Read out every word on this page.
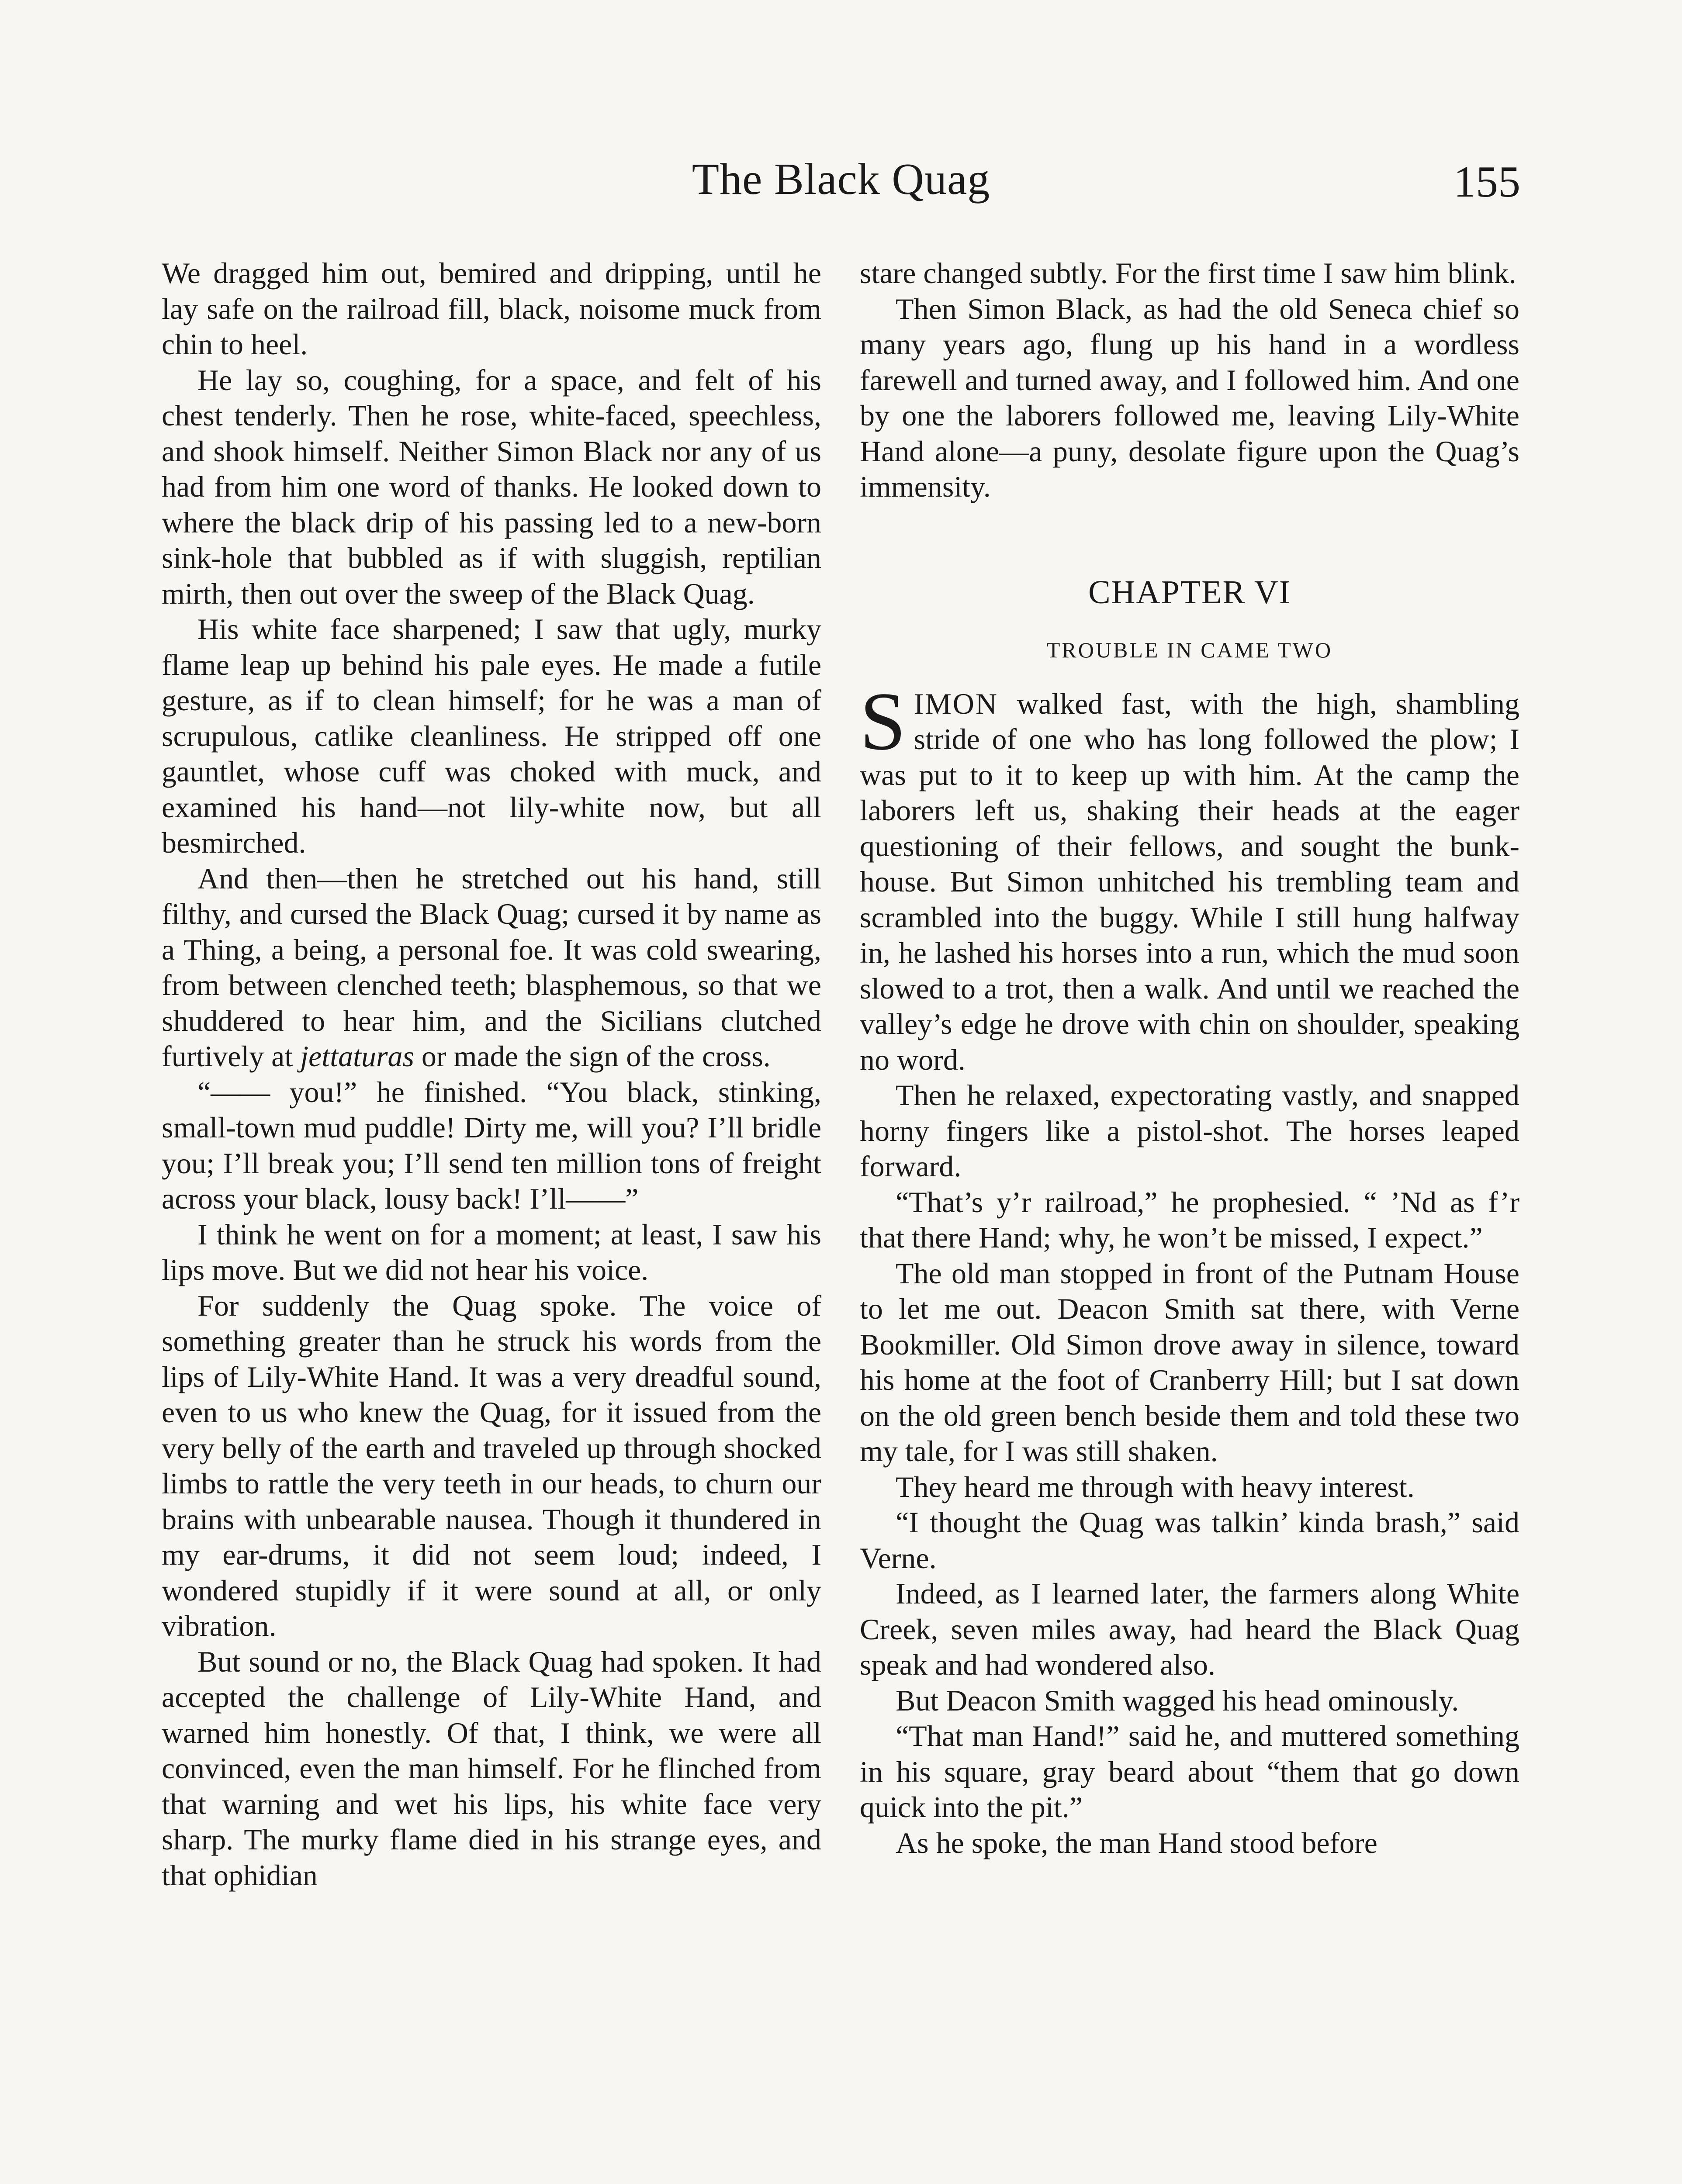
The Black Quag	155

We dragged him out, bemired and dripping, until he lay safe on the railroad fill, black, noisome muck from chin to heel.

He lay so, coughing, for a space, and felt of his chest tenderly. Then he rose, white-faced, speechless, and shook himself. Neither Simon Black nor any of us had from him one word of thanks. He looked down to where the black drip of his passing led to a new-born sink-hole that bubbled as if with sluggish, reptilian mirth, then out over the sweep of the Black Quag.

His white face sharpened; I saw that ugly, murky flame leap up behind his pale eyes. He made a futile gesture, as if to clean himself; for he was a man of scrupulous, catlike cleanliness. He stripped off one gauntlet, whose cuff was choked with muck, and examined his hand—not lily-white now, but all besmirched.

And then—then he stretched out his hand, still filthy, and cursed the Black Quag; cursed it by name as a Thing, a being, a personal foe. It was cold swearing, from between clenched teeth; blasphemous, so that we shuddered to hear him, and the Sicilians clutched furtively at jettaturas or made the sign of the cross.

“—— you!” he finished. “You black, stinking, small-town mud puddle! Dirty me, will you? I’ll bridle you; I’ll break you; I’ll send ten million tons of freight across your black, lousy back! I’ll——”

I think he went on for a moment; at least, I saw his lips move. But we did not hear his voice.

For suddenly the Quag spoke. The voice of something greater than he struck his words from the lips of Lily-White Hand. It was a very dreadful sound, even to us who knew the Quag, for it issued from the very belly of the earth and traveled up through shocked limbs to rattle the very teeth in our heads, to churn our brains with unbearable nausea. Though it thundered in my ear-drums, it did not seem loud; indeed, I wondered stupidly if it were sound at all, or only vibration.

But sound or no, the Black Quag had spoken. It had accepted the challenge of Lily-White Hand, and warned him honestly. Of that, I think, we were all convinced, even the man himself. For he flinched from that warning and wet his lips, his white face very sharp. The murky flame died in his strange eyes, and that ophidian

stare changed subtly. For the first time I saw him blink.

Then Simon Black, as had the old Seneca chief so many years ago, flung up his hand in a wordless farewell and turned away, and I followed him. And one by one the laborers followed me, leaving Lily-White Hand alone—a puny, desolate figure upon the Quag’s immensity.

CHAPTER VI
TROUBLE IN CAME TWO

SIMON walked fast, with the high, shambling stride of one who has long followed the plow; I was put to it to keep up with him. At the camp the laborers left us, shaking their heads at the eager questioning of their fellows, and sought the bunk-house. But Simon unhitched his trembling team and scrambled into the buggy. While I still hung halfway in, he lashed his horses into a run, which the mud soon slowed to a trot, then a walk. And until we reached the valley’s edge he drove with chin on shoulder, speaking no word.

Then he relaxed, expectorating vastly, and snapped horny fingers like a pistol-shot. The horses leaped forward.

“That’s y’r railroad,” he prophesied. “ ’Nd as f’r that there Hand; why, he won’t be missed, I expect.”

The old man stopped in front of the Putnam House to let me out. Deacon Smith sat there, with Verne Bookmiller. Old Simon drove away in silence, toward his home at the foot of Cranberry Hill; but I sat down on the old green bench beside them and told these two my tale, for I was still shaken.

They heard me through with heavy interest.

“I thought the Quag was talkin’ kinda brash,” said Verne.

Indeed, as I learned later, the farmers along White Creek, seven miles away, had heard the Black Quag speak and had wondered also.

But Deacon Smith wagged his head ominously.

“That man Hand!” said he, and muttered something in his square, gray beard about “them that go down quick into the pit.”

As he spoke, the man Hand stood before
